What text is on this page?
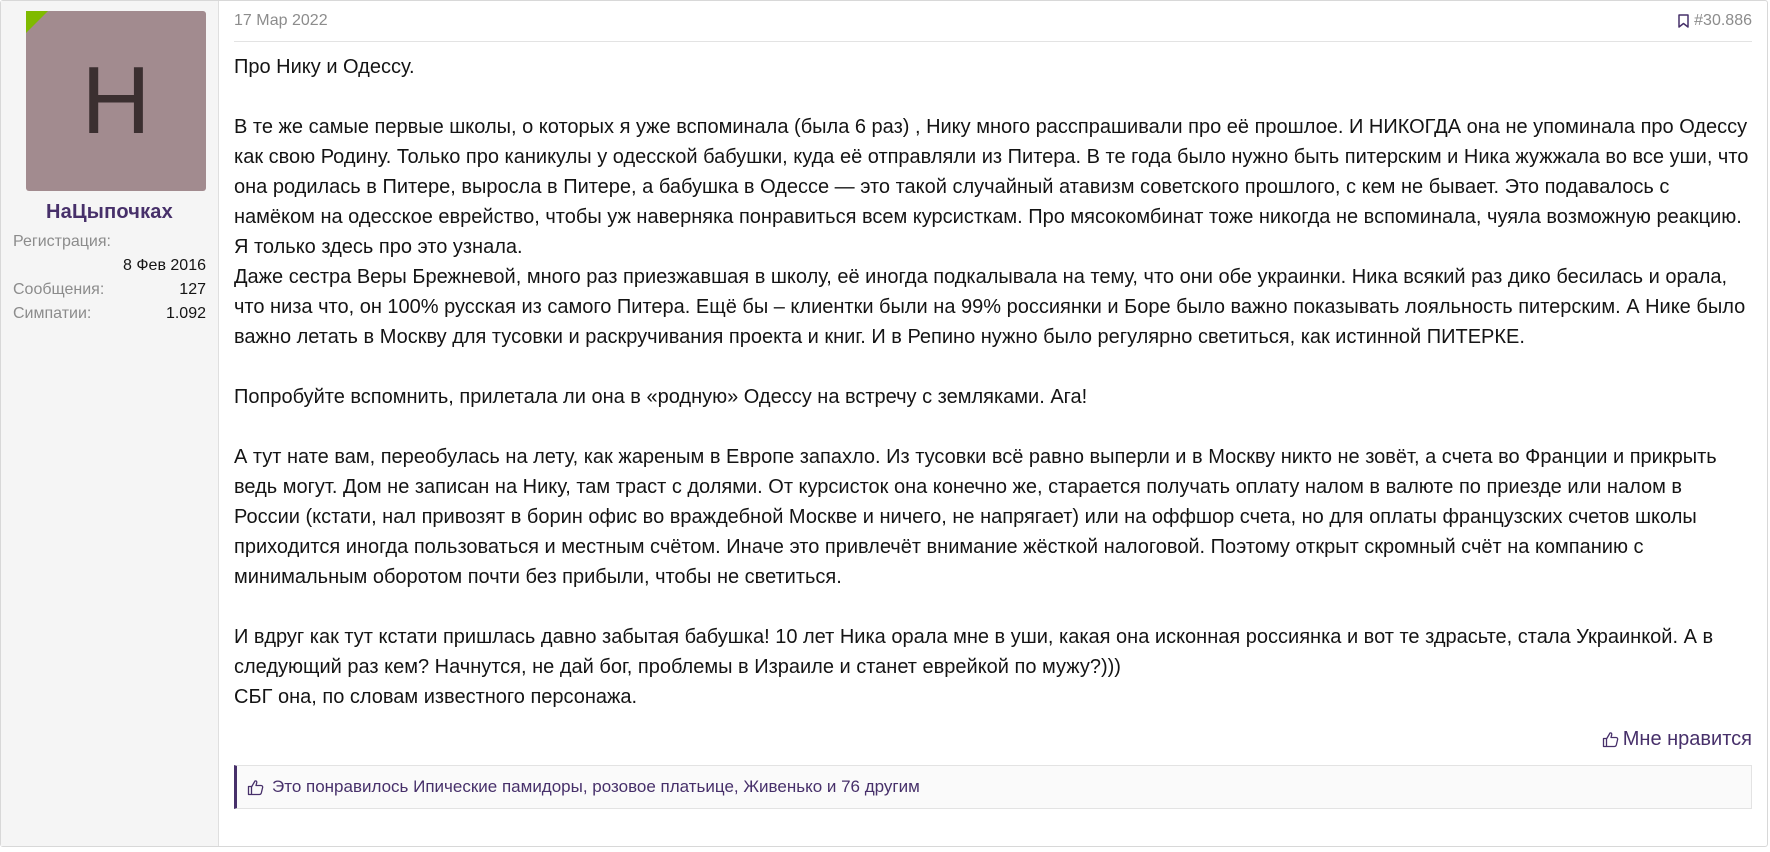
Н
НаЦыпочках
Регистрация:
8 Фев 2016
Сообщения:	127
Симпатии:	1.092
17 Мар 2022	#30.886

Про Нику и Одессу.

В те же самые первые школы, о которых я уже вспоминала (была 6 раз) , Нику много расспрашивали про её прошлое. И НИКОГДА она не упоминала про Одессу как свою Родину. Только про каникулы у одесской бабушки, куда её отправляли из Питера. В те года было нужно быть питерским и Ника жужжала во все уши, что она родилась в Питере, выросла в Питере, а бабушка в Одессе — это такой случайный атавизм советского прошлого, с кем не бывает. Это подавалось с намёком на одесское еврейство, чтобы уж наверняка понравиться всем курсисткам. Про мясокомбинат тоже никогда не вспоминала, чуяла возможную реакцию. Я только здесь про это узнала.

Даже сестра Веры Брежневой, много раз приезжавшая в школу, её иногда подкалывала на тему, что они обе украинки. Ника всякий раз дико бесилась и орала, что низа что, он 100% русская из самого Питера. Ещё бы – клиентки были на 99% россиянки и Боре было важно показывать лояльность питерским. А Нике было важно летать в Москву для тусовки и раскручивания проекта и книг. И в Репино нужно было регулярно светиться, как истинной ПИТЕРКЕ.

Попробуйте вспомнить, прилетала ли она в «родную» Одессу на встречу с земляками. Ага!

А тут нате вам, переобулась на лету, как жареным в Европе запахло. Из тусовки всё равно выперли и в Москву никто не зовёт, а счета во Франции и прикрыть ведь могут. Дом не записан на Нику, там траст с долями. От курсисток она конечно же, старается получать оплату налом в валюте по приезде или налом в России (кстати, нал привозят в борин офис во враждебной Москве и ничего, не напрягает) или на оффшор счета, но для оплаты французских счетов школы приходится иногда пользоваться и местным счётом. Иначе это привлечёт внимание жёсткой налоговой. Поэтому открыт скромный счёт на компанию с минимальным оборотом почти без прибыли, чтобы не светиться.

И вдруг как тут кстати пришлась давно забытая бабушка! 10 лет Ника орала мне в уши, какая она исконная россиянка и вот те здрасьте, стала Украинкой. А в следующий раз кем? Начнутся, не дай бог, проблемы в Израиле и станет еврейкой по мужу?)))

СБГ она, по словам известного персонажа.

Мне нравится
Это понравилось Ипические памидоры, розовое платьице, Живенько и 76 другим
